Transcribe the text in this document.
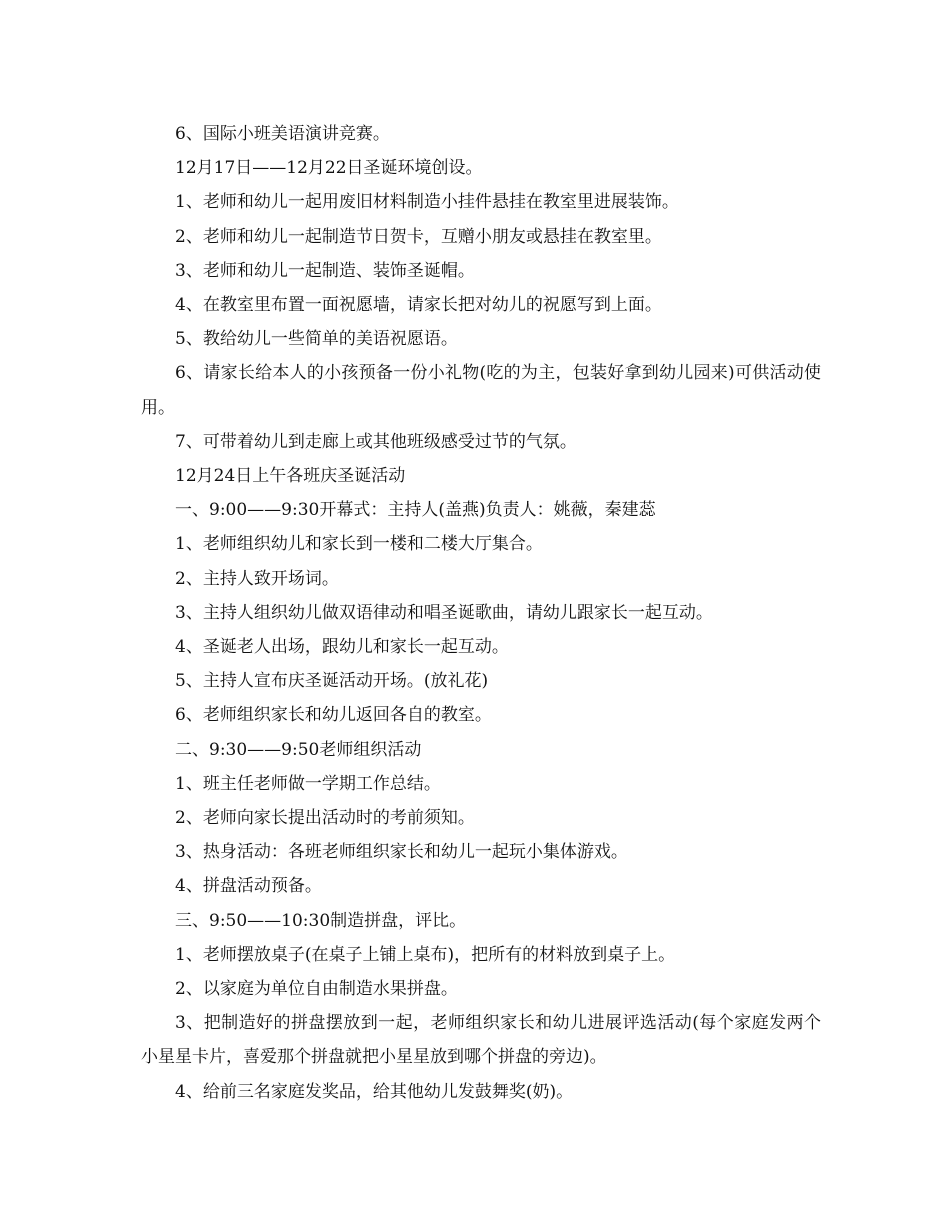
6、国际小班美语演讲竞赛。

12月17日——12月22日圣诞环境创设。

1、老师和幼儿一起用废旧材料制造小挂件悬挂在教室里进展装饰。

2、老师和幼儿一起制造节日贺卡，互赠小朋友或悬挂在教室里。

3、老师和幼儿一起制造、装饰圣诞帽。

4、在教室里布置一面祝愿墙，请家长把对幼儿的祝愿写到上面。

5、教给幼儿一些简单的美语祝愿语。

6、请家长给本人的小孩预备一份小礼物(吃的为主，包装好拿到幼儿园来)可供活动使用。

7、可带着幼儿到走廊上或其他班级感受过节的气氛。

12月24日上午各班庆圣诞活动

一、9:00——9:30开幕式：主持人(盖燕)负责人：姚薇，秦建蕊

1、老师组织幼儿和家长到一楼和二楼大厅集合。

2、主持人致开场词。

3、主持人组织幼儿做双语律动和唱圣诞歌曲，请幼儿跟家长一起互动。

4、圣诞老人出场，跟幼儿和家长一起互动。

5、主持人宣布庆圣诞活动开场。(放礼花)

6、老师组织家长和幼儿返回各自的教室。

二、9:30——9:50老师组织活动

1、班主任老师做一学期工作总结。

2、老师向家长提出活动时的考前须知。

3、热身活动：各班老师组织家长和幼儿一起玩小集体游戏。

4、拼盘活动预备。

三、9:50——10:30制造拼盘，评比。

1、老师摆放桌子(在桌子上铺上桌布)，把所有的材料放到桌子上。

2、以家庭为单位自由制造水果拼盘。

3、把制造好的拼盘摆放到一起，老师组织家长和幼儿进展评选活动(每个家庭发两个小星星卡片，喜爱那个拼盘就把小星星放到哪个拼盘的旁边)。

4、给前三名家庭发奖品，给其他幼儿发鼓舞奖(奶)。
